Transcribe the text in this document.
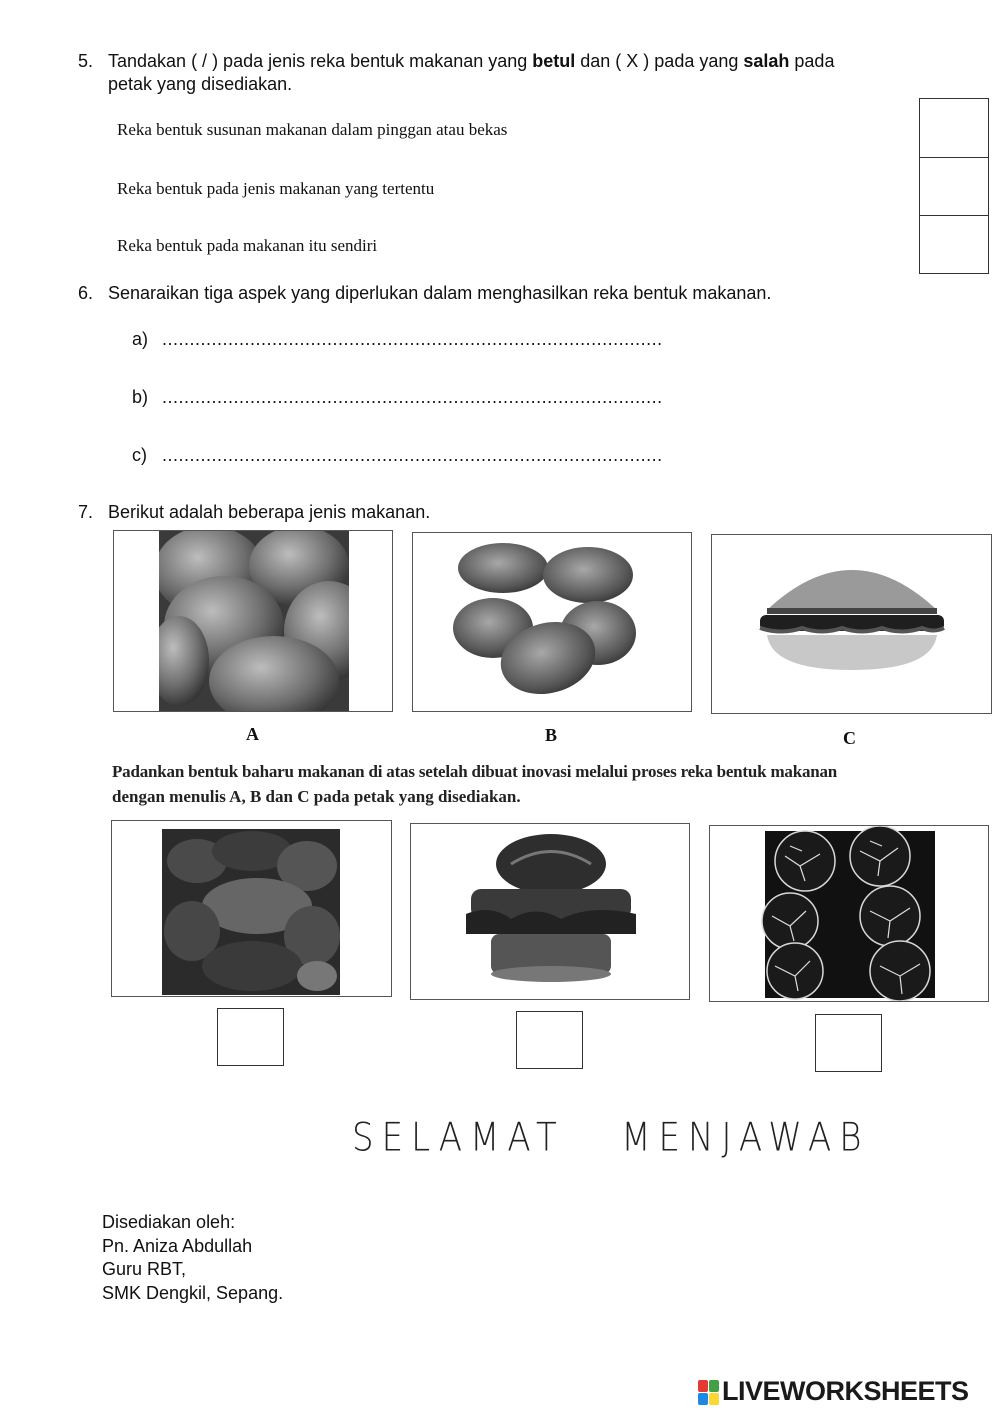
5. Tandakan ( / ) pada jenis reka bentuk makanan yang betul dan ( X ) pada yang salah pada
petak yang disediakan.
Reka bentuk susunan makanan dalam pinggan atau bekas
Reka bentuk pada jenis makanan yang tertentu
Reka bentuk pada makanan itu sendiri
6. Senaraikan tiga aspek yang diperlukan dalam menghasilkan reka bentuk makanan.
a) ...........................................................................................
b) ...........................................................................................
c) ...........................................................................................
7. Berikut adalah beberapa jenis makanan.
A	B	C
Padankan bentuk baharu makanan di atas setelah dibuat inovasi melalui proses reka bentuk makanan
dengan menulis A, B dan C pada petak yang disediakan.
SELAMAT   MENJAWAB
Disediakan oleh:
Pn. Aniza Abdullah
Guru RBT,
SMK Dengkil, Sepang.
LIVEWORKSHEETS
